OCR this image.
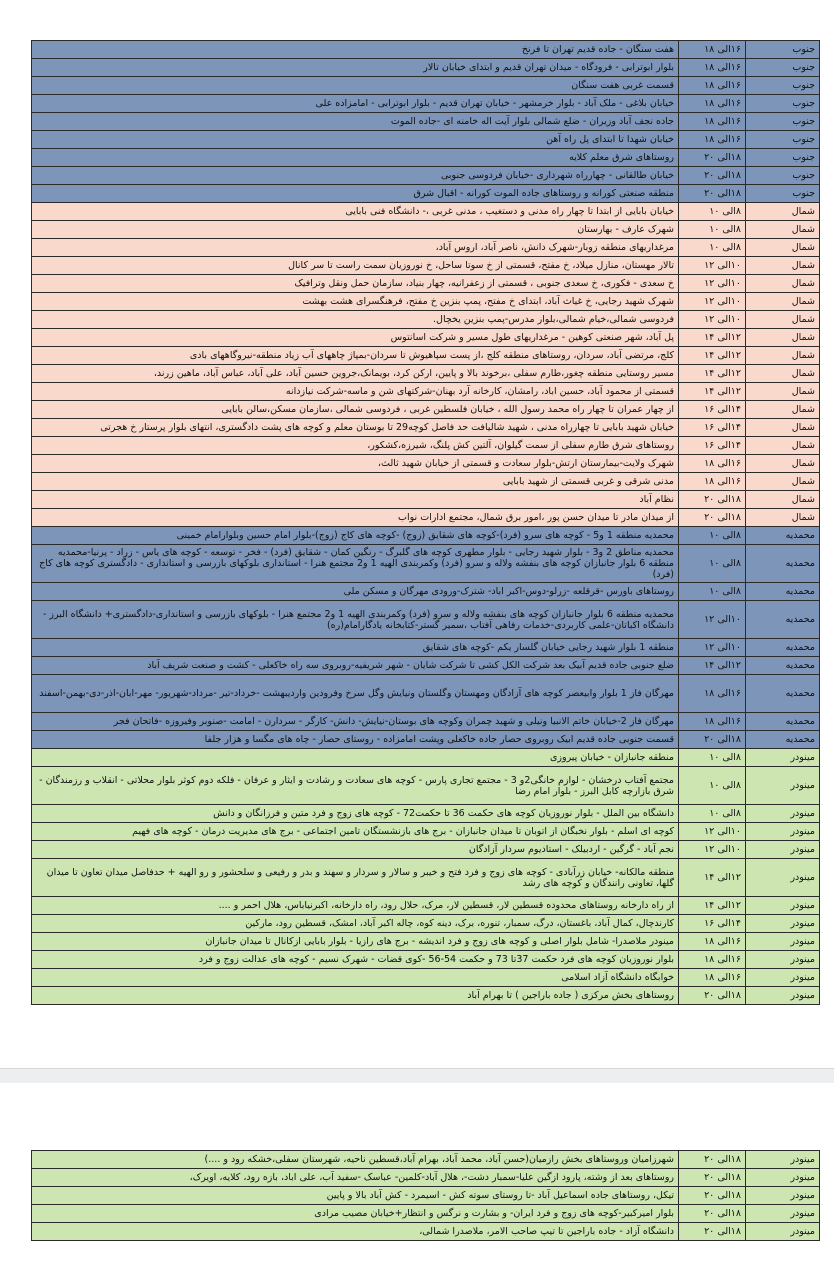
جنوب	۱۶الی ۱۸	هفت سنگان - جاده قدیم تهران تا فرنخ
جنوب	۱۶الی ۱۸	بلوار ابوترابی - فرودگاه - میدان تهران قدیم و ابتدای خیابان تالار
جنوب	۱۶الی ۱۸	قسمت غربی هفت سنگان
جنوب	۱۶الی ۱۸	خیابان بلاغی - ملک آباد - بلوار خرمشهر - خیابان تهران قدیم - بلوار ابوترابی - امامزاده علی
جنوب	۱۶الی ۱۸	جاده نجف آباد وزیران - ضلع شمالی بلوار آیت اله خامنه ای -جاده الموت
جنوب	۱۶الی ۱۸	خیابان شهدا تا ابتدای پل راه آهن
جنوب	۱۸الی ۲۰	روستاهای شرق معلم کلایه
جنوب	۱۸الی ۲۰	خیابان طالقانی - چهارراه شهرداری -خیابان فردوسی جنوبی
جنوب	۱۸الی ۲۰	منطقه صنعتی کورانه و روستاهای جاده الموت کورانه - اقبال شرق
شمال	۸الی ۱۰	خیابان بابایی از ابتدا تا چهار راه مدنی و دستغیب ، مدنی غربی ،- دانشگاه فنی بابایی
شمال	۸الی ۱۰	شهرک عارف - بهارستان
شمال	۸الی ۱۰	مرغداریهای منطقه زوبار-شهرک دانش، ناصر آباد، اروس آباد،
شمال	۱۰الی ۱۲	تالار مهستان، منازل میلاد، خ مفتح، قسمتی از خ سوتا ساحل، خ نوروزیان سمت راست تا سر کانال
شمال	۱۰الی ۱۲	خ سعدی - فکوری، خ سعدی جنوبی ، قسمتی از زعفرانیه، چهار بنیاد، سازمان حمل ونقل وترافیک
شمال	۱۰الی ۱۲	شهرک شهید رجایی، خ غیاث آباد، ابتدای خ مفتح، پمپ بنزین خ مفتح، فرهنگسرای هشت بهشت
شمال	۱۰الی ۱۲	فردوسی شمالی،خیام شمالی،بلوار مدرس-پمپ بنزین یخچال.
شمال	۱۲الی ۱۴	پل آباد، شهر صنعتی کوهین - مرغداریهای طول مسیر و شرکت اسانتوس
شمال	۱۲الی ۱۴	کلج، مرتضی آباد، سردان، روستاهای منطقه کلج ،از پست سپاهیوش تا سردان-بمپاژ چاههای آب زیاد منطقه-نیروگاههای بادی
شمال	۱۲الی ۱۴	مسیر روستایی منطقه چغور،طارم سفلی ،برخوند بالا و پایین، ارکن کرد، بویمانک،جروین حسین آباد، علی آباد، عباس آباد، ماهین زرند،
شمال	۱۲الی ۱۴	قسمتی از محمود آباد، حسین اباد، رامشان، کارخانه آرد بهنان-شرکتهای شن و ماسه-شرکت نیازدانه
شمال	۱۴الی ۱۶	از چهار عمران تا چهار راه محمد رسول الله ، خیابان فلسطین غربی ، فردوسی شمالی ،سازمان مسکن،سالن بابایی
شمال	۱۴الی ۱۶	خیابان شهید بابایی تا چهارراه مدنی ، شهید شالیافت حد فاصل کوچه29 تا بوستان معلم و کوچه های پشت دادگستری، انتهای بلوار پرستار خ هجرتی
شمال	۱۴الی ۱۶	روستاهای شرق طارم سفلی از سمت گیلوان، آلتین کش پلنگ، شیرزه،کشکور،
شمال	۱۶الی ۱۸	شهرک ولایت-بیمارستان ارتش-بلوار سعادت و قسمتی از خیابان شهید ثالث،
شمال	۱۶الی ۱۸	مدنی شرقی و غربی قسمتی از شهید بابایی
شمال	۱۸الی ۲۰	نظام آباد
شمال	۱۸الی ۲۰	از میدان مادر تا میدان حسن پور ،امور برق شمال، مجتمع ادارات نواب
محمدیه	۸الی ۱۰	محمدیه منطقه 1 و5 - کوچه های سرو (فرد)-کوچه های شقایق (زوج) -کوچه های کاج (زوج)-بلوار امام حسین وبلوارامام خمینی
محمدیه	۸الی ۱۰	محمدیه مناطق 2 و3 - بلوار شهید رجایی - بلوار مطهری کوچه های گلبرگ - رنگین کمان - شقایق (فرد) - فخر - توسعه - کوچه های یاس - زراد - پرنیا-محمدیه منطقه 6 بلوار جانبازان کوچه های بنفشه ولاله و سرو (فرد) وکمربندی الهیه 1 و2 مجتمع هنرا - استانداری بلوکهای بازرسی و استانداری - دادگستری کوچه های کاج (فرد)
محمدیه	۸الی ۱۰	روستاهای باورس -قرقلعه -زرلو-دوس-اکبر اباد- شترک-ورودی مهرگان و مسکن ملی
محمدیه	۱۰الی ۱۲	محمدیه منطقه 6 بلوار جانبازان کوچه های بنفشه ولاله و سرو (فرد) وکمربندی الهیه 1 و2 مجتمع هنرا - بلوکهای بازرسی و استانداری-دادگستری+ دانشگاه البرز - دانشگاه اکباتان-علمی کاربردی-خدمات رفاهی آفتاب ،سمیر گستر-کتابخانه یادگارامام(ره)
محمدیه	۱۰الی ۱۲	منطقه 1 بلوار شهید رجایی خیابان گلسار یکم -کوچه های شقایق
محمدیه	۱۲الی ۱۴	ضلع جنوبی جاده قدیم آبیک بعد شرکت الکل کشی تا شرکت شایان - شهر شریفیه-روبروی سه راه خاکعلی - کشت و صنعت شریف آباد
محمدیه	۱۶الی ۱۸	مهرگان فاز 1 بلوار وابیعصر کوچه های آزادگان ومهستان وگلستان ونیایش وگل سرخ وفرودین واردیبهشت -خرداد-تیر -مرداد-شهریور- مهر-ابان-اذر-دی-بهمن-اسفند
محمدیه	۱۶الی ۱۸	مهرگان فاز 2-خیابان خاتم الانبیا ونیلی و شهید چمران وکوچه های بوستان-نیایش- دانش- کارگر - سردارن - امامت -صنوبر وفیروزه -فاتحان فجر
محمدیه	۱۸الی ۲۰	قسمت جنوبی جاده قدیم ابیک روبروی حصار جاده خاکعلی وپشت امامزاده - روستای حصار - چاه های مگسا و هزار جلفا
مینودر	۸الی ۱۰	منطقه جانبازان - خیابان پیروزی
مینودر	۸الی ۱۰	مجتمع آفتاب درخشان - لوازم خانگی2و 3 - مجتمع تجاری پارس - کوچه های سعادت و رشادت و ایثار و عرفان - فلکه دوم کوثر بلوار محلاتی - انقلاب و رزمندگان - شرق بازارچه کابل البرز - بلوار امام رضا
مینودر	۸الی ۱۰	دانشگاه بین الملل - بلوار نوروزیان کوچه های حکمت 36 تا حکمت72 - کوچه های زوج و فرد متین و فرزانگان و دانش
مینودر	۱۰الی ۱۲	کوچه ای اسلم - بلوار نخبگان از اتوبان تا میدان جانبازان - برج های بازنشستگان تامین اجتماعی - برج های مدیریت درمان - کوچه های فهیم
مینودر	۱۰الی ۱۲	نجم آباد - گرگین - اردبیلک - استادیوم سردار آزادگان
مینودر	۱۲الی ۱۴	منطقه مالکانه- خیابان زرآبادی - کوچه های زوج و فرد فتح و خیبر و سالار و سردار و سهند و بدر و رفیعی و سلحشور و رو الهیه + حدفاصل میدان تعاون تا میدان گلها، تعاونی رانندگان و کوچه های رشد
مینودر	۱۲الی ۱۴	از راه دارخانه روستاهای محدوده قسطین لار، قسطین لار، مرک، حلال رود، راه دارخانه، اکبرنیاباس، هلال احمر و ....
مینودر	۱۴الی ۱۶	کارندچال، کمال آباد، باغستان، درگ، سمبار، تنوره، برک، دینه کوه، چاله اکبر آباد، امشک، قسطین رود، مارکین
مینودر	۱۶الی ۱۸	مینودر ملاصدرا- شامل بلوار اصلی و کوچه های زوج و فرد اندیشه - برج های رازیا - بلوار بابایی ازکانال تا میدان جانبازان
مینودر	۱۶الی ۱۸	بلوار نوروزیان کوچه های فرد حکمت 37تا 73 و حکمت 54-56 -کوی قضات - شهرک نسیم - کوچه های عدالت زوج و فرد
مینودر	۱۶الی ۱۸	خوابگاه دانشگاه آزاد اسلامی
مینودر	۱۸الی ۲۰	روستاهای بخش مرکزی ( جاده باراجین ) تا بهرام آباد
مینودر	۱۸الی ۲۰	شهرزامیان وروستاهای بخش رازمیان(حسن آباد، محمد آباد، بهرام آباد،قسطین ناحیه، شهرستان سفلی،خشکه رود و ....)
مینودر	۱۸الی ۲۰	روستاهای بعد از وشته، پارود ازگین علیا-سمبار دشت-، هلال آباد-کلمین- عباسک -سفید آب، علی اباد، بازه رود، کلایه، اویرک،
مینودر	۱۸الی ۲۰	تیکل، روستاهای جاده اسماعیل آباد -تا روستای سوته کش - اسیمرد - کش آباد بالا و پایین
مینودر	۱۸الی ۲۰	بلوار امیرکبیر-کوچه های زوج و فرد ایران- و بشارت و نرگس و انتظار+خیابان مصیب مرادی
مینودر	۱۸الی ۲۰	دانشگاه آزاد - جاده باراجین تا تیپ صاحب الامر، ملاصدرا شمالی،
